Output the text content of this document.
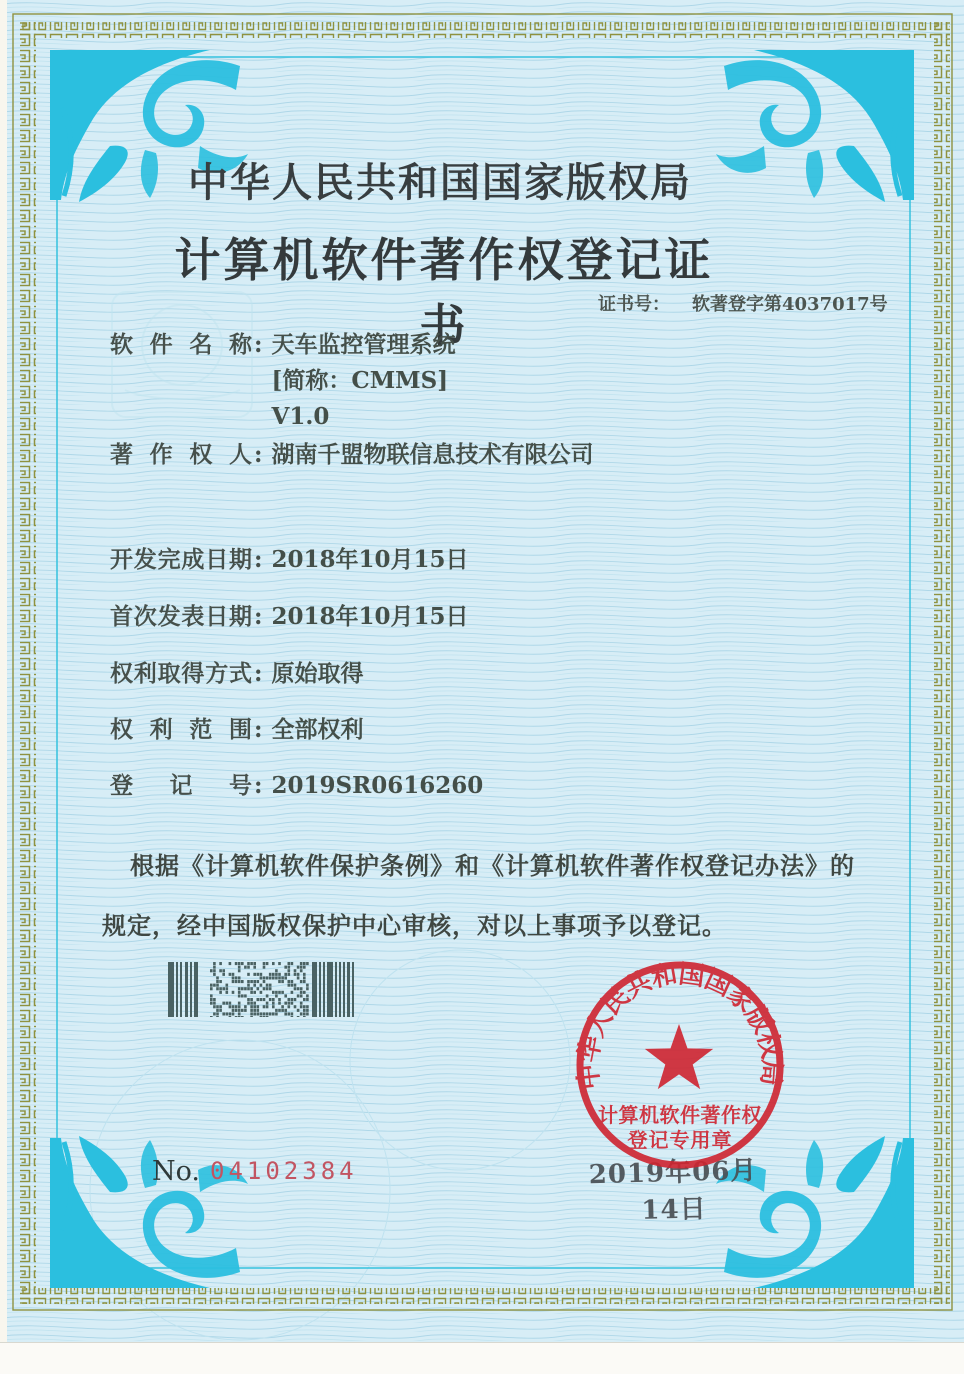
中华人民共和国国家版权局
计算机软件著作权登记证书	证书号： 软著登字第4037017号
软件名称 : 天车监控管理系统
[简称：CMMS]
V1.0
著作权人 : 湖南千盟物联信息技术有限公司
开发完成日期 : 2018年10月15日
首次发表日期 : 2018年10月15日
权利取得方式 : 原始取得
权利范围 : 全部权利
登记号 : 2019SR0616260
根据《计算机软件保护条例》和《计算机软件著作权登记办法》的
规定，经中国版权保护中心审核，对以上事项予以登记。
2019年06月14日
中华人民共和国国家版权局
计算机软件著作权
登记专用章
No. 04102384
